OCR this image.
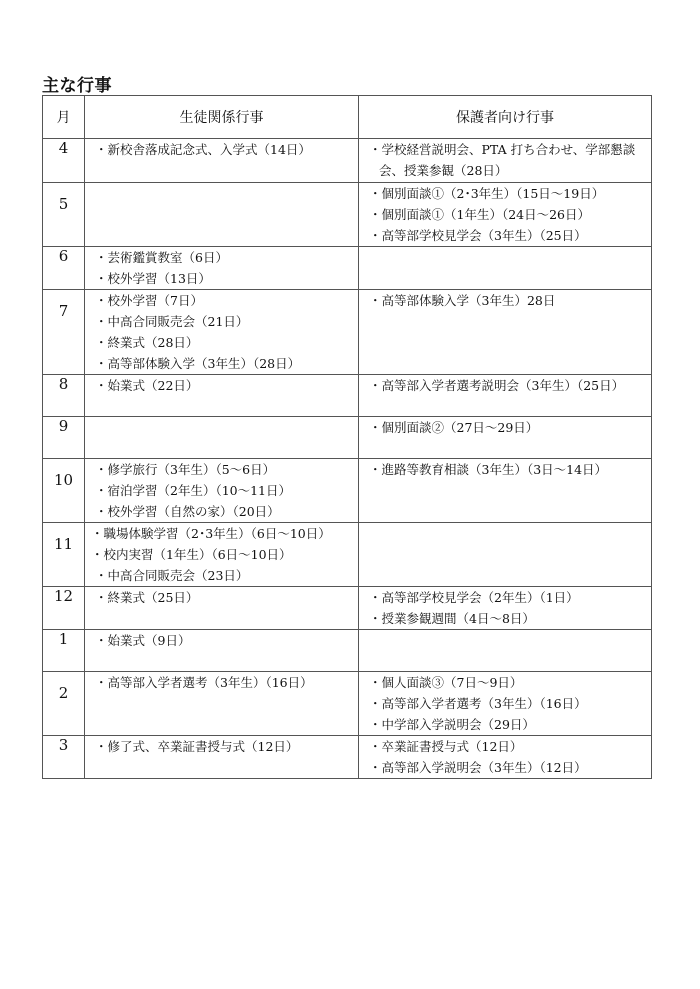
主な行事
月	生徒関係行事	保護者向け行事
4	・新校舎落成記念式、入学式（14日）	・学校経営説明会、PTA 打ち合わせ、学部懇談
会、授業参観（28日）

5		・個別面談①（2･3年生）（15日～19日）
・個別面談①（1年生）（24日～26日）
・高等部学校見学会（3年生）（25日）

6	・芸術鑑賞教室（6日）
・校外学習（13日）	

7	・校外学習（7日）
・中高合同販売会（21日）
・終業式（28日）
・高等部体験入学（3年生）（28日）	・高等部体験入学（3年生）28日

8	・始業式（22日）	・高等部入学者選考説明会（3年生）（25日）

9		・個別面談②（27日～29日）

10	・修学旅行（3年生）（5～6日）
・宿泊学習（2年生）（10～11日）
・校外学習（自然の家）（20日）	・進路等教育相談（3年生）（3日～14日）

11	・職場体験学習（2･3年生）（6日～10日）
・校内実習（1年生）（6日～10日）
・中高合同販売会（23日）	

12	・終業式（25日）	・高等部学校見学会（2年生）（1日）
・授業参観週間（4日～8日）

1	・始業式（9日）	

2	・高等部入学者選考（3年生）（16日）	・個人面談③（7日～9日）
・高等部入学者選考（3年生）（16日）
・中学部入学説明会（29日）

3	・修了式、卒業証書授与式（12日）	・卒業証書授与式（12日）
・高等部入学説明会（3年生）（12日）
